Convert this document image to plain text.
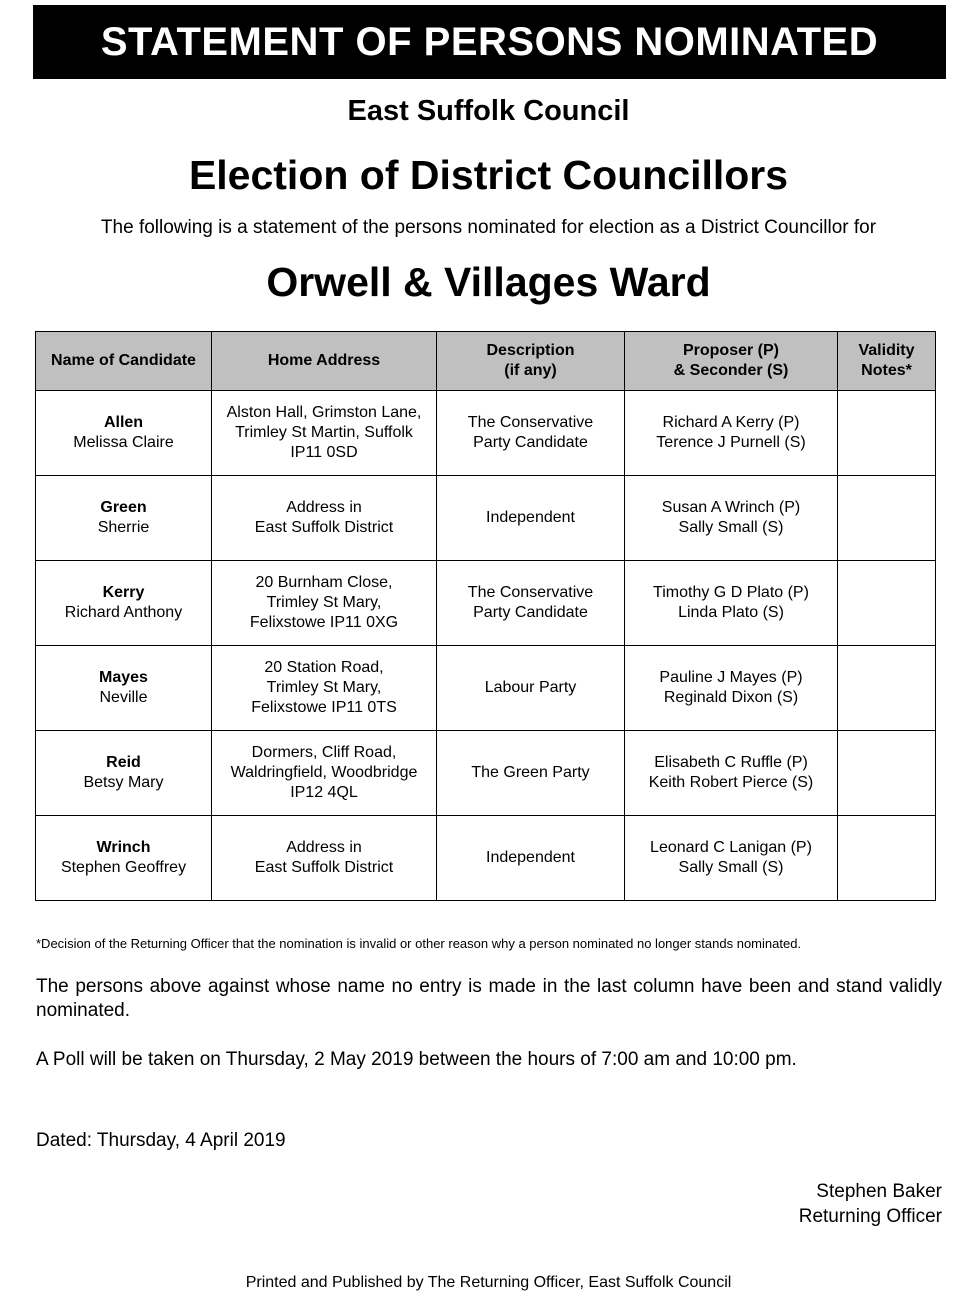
STATEMENT OF PERSONS NOMINATED
East Suffolk Council
Election of District Councillors
The following is a statement of the persons nominated for election as a District Councillor for
Orwell & Villages Ward
Name of Candidate	Home Address	Description
(if any)	Proposer (P)
& Seconder (S)	Validity
Notes*

Allen
Melissa Claire	Alston Hall, Grimston Lane,
Trimley St Martin, Suffolk
IP11 0SD	The Conservative
Party Candidate	Richard A Kerry (P)
Terence J Purnell (S)	

Green
Sherrie	Address in
East Suffolk District	Independent	Susan A Wrinch (P)
Sally Small (S)	

Kerry
Richard Anthony	20 Burnham Close,
Trimley St Mary,
Felixstowe IP11 0XG	The Conservative
Party Candidate	Timothy G D Plato (P)
Linda Plato (S)	

Mayes
Neville	20 Station Road,
Trimley St Mary,
Felixstowe IP11 0TS	Labour Party	Pauline J Mayes (P)
Reginald Dixon (S)	

Reid
Betsy Mary	Dormers, Cliff Road,
Waldringfield, Woodbridge
IP12 4QL	The Green Party	Elisabeth C Ruffle (P)
Keith Robert Pierce (S)	

Wrinch
Stephen Geoffrey	Address in
East Suffolk District	Independent	Leonard C Lanigan (P)
Sally Small (S)	

*Decision of the Returning Officer that the nomination is invalid or other reason why a person nominated no longer stands nominated.
The persons above against whose name no entry is made in the last column have been and stand validly nominated.
A Poll will be taken on Thursday, 2 May 2019 between the hours of 7:00 am and 10:00 pm.
Dated: Thursday, 4 April 2019
Stephen Baker
Returning Officer
Printed and Published by The Returning Officer, East Suffolk Council
